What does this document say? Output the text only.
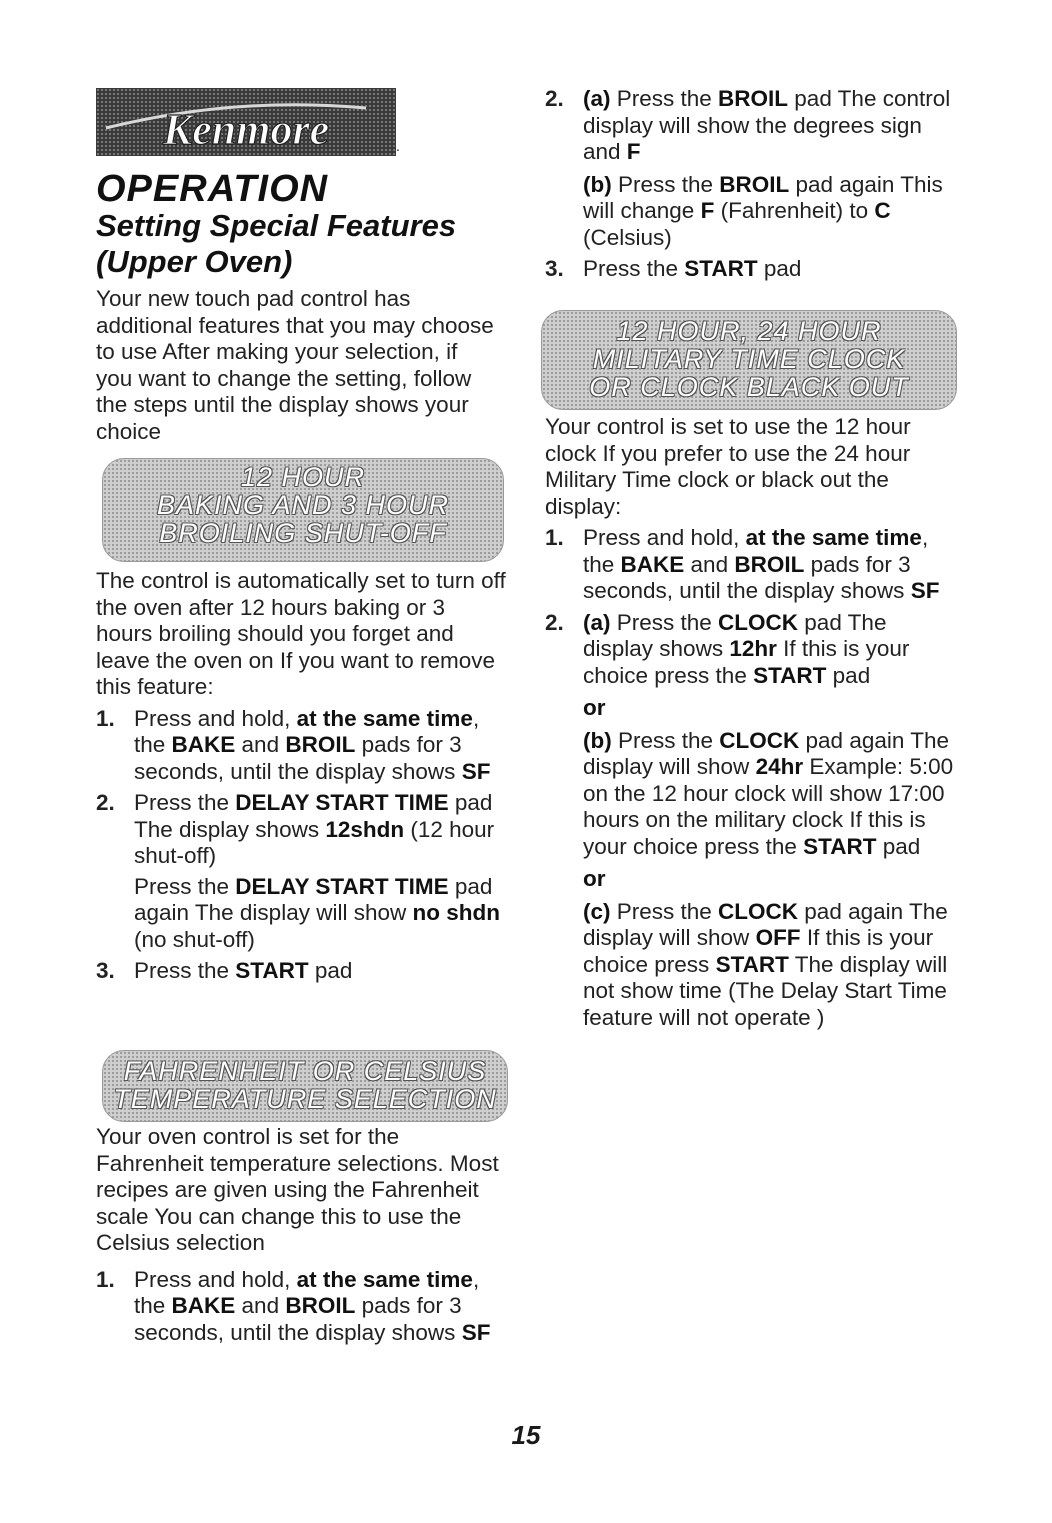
Kenmore	.
OPERATION
Setting Special Features
(Upper Oven)

Your new touch pad control has additional features that you may choose to use After making your selection, if you want to change the setting, follow the steps until the display shows your choice

12 HOUR
BAKING AND 3 HOUR
BROILING SHUT-OFF

The control is automatically set to turn off the oven after 12 hours baking or 3 hours broiling should you forget and leave the oven on If you want to remove this feature:

1. Press and hold, at the same time, the BAKE and BROIL pads for 3 seconds, until the display shows SF

2. Press the DELAY START TIME pad The display shows 12shdn (12 hour shut-off)

Press the DELAY START TIME pad again The display will show no shdn (no shut-off)

3. Press the START pad

FAHRENHEIT OR CELSIUS
TEMPERATURE SELECTION

Your oven control is set for the Fahrenheit temperature selections. Most recipes are given using the Fahrenheit scale You can change this to use the Celsius selection

1. Press and hold, at the same time, the BAKE and BROIL pads for 3 seconds, until the display shows SF

2. (a) Press the BROIL pad The control display will show the degrees sign and F

(b) Press the BROIL pad again This will change F (Fahrenheit) to C (Celsius)

3. Press the START pad

12 HOUR, 24 HOUR
MILITARY TIME CLOCK
OR CLOCK BLACK OUT

Your control is set to use the 12 hour clock If you prefer to use the 24 hour Military Time clock or black out the display:

1. Press and hold, at the same time, the BAKE and BROIL pads for 3 seconds, until the display shows SF

2. (a) Press the CLOCK pad The display shows 12hr If this is your choice press the START pad

or

(b) Press the CLOCK pad again The display will show 24hr Example: 5:00 on the 12 hour clock will show 17:00 hours on the military clock If this is your choice press the START pad

or

(c) Press the CLOCK pad again The display will show OFF If this is your choice press START The display will not show time (The Delay Start Time feature will not operate )

15
